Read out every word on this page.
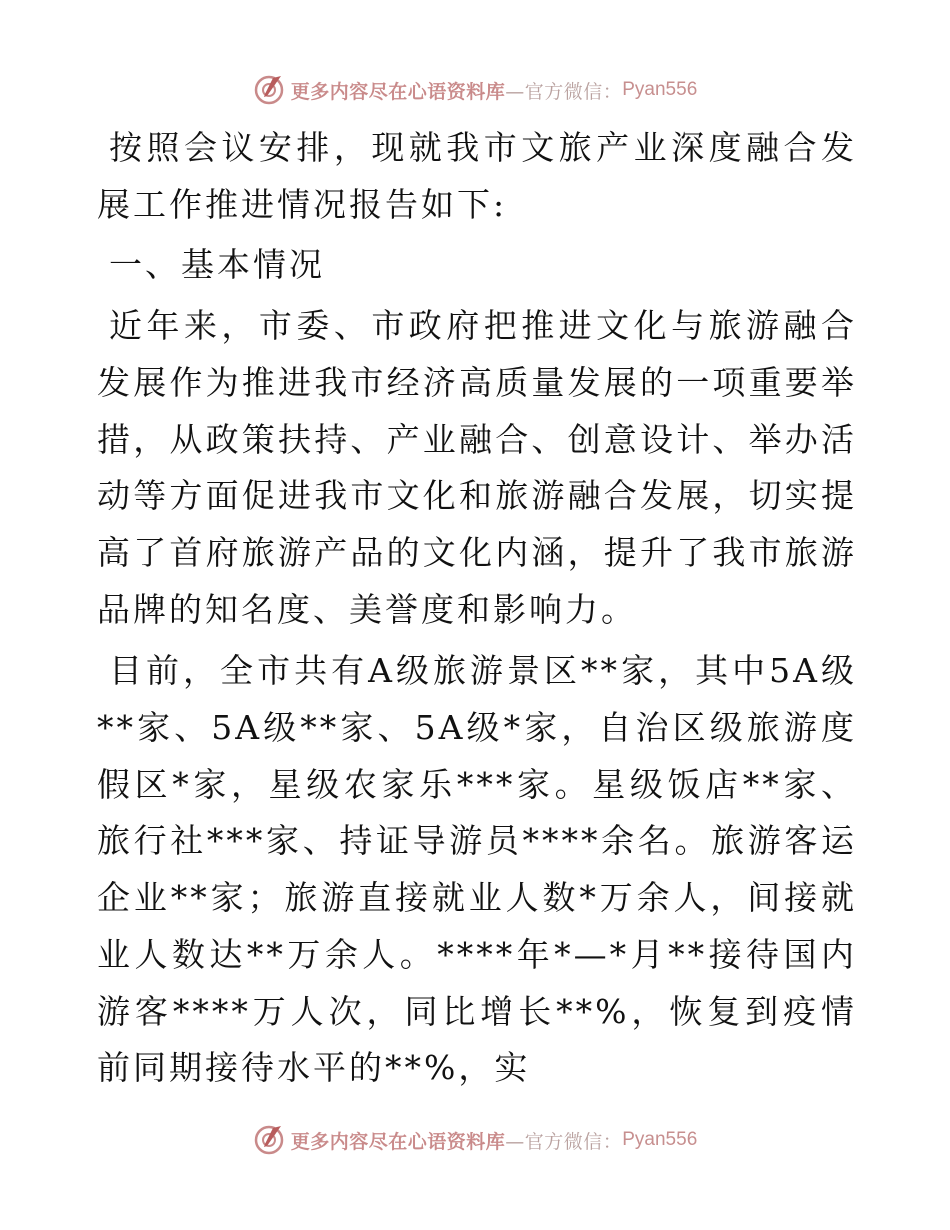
更多内容尽在心语资料库 —官方微信： Pyan556

按照会议安排，现就我市文旅产业深度融合发展工作推进情况报告如下:

一、基本情况

近年来，市委、市政府把推进文化与旅游融合发展作为推进我市经济高质量发展的一项重要举措，从政策扶持、产业融合、创意设计、举办活动等方面促进我市文化和旅游融合发展，切实提高了首府旅游产品的文化内涵，提升了我市旅游品牌的知名度、美誉度和影响力。

目前，全市共有A级旅游景区**家，其中5A级**家、5A级**家、5A级*家，自治区级旅游度假区*家，星级农家乐***家。星级饭店**家、旅行社***家、持证导游员****余名。旅游客运企业**家；旅游直接就业人数*万余人，间接就业人数达**万余人。****年*—*月**接待国内游客****万人次，同比增长**%，恢复到疫情前同期接待水平的**%，实

更多内容尽在心语资料库 —官方微信： Pyan556
